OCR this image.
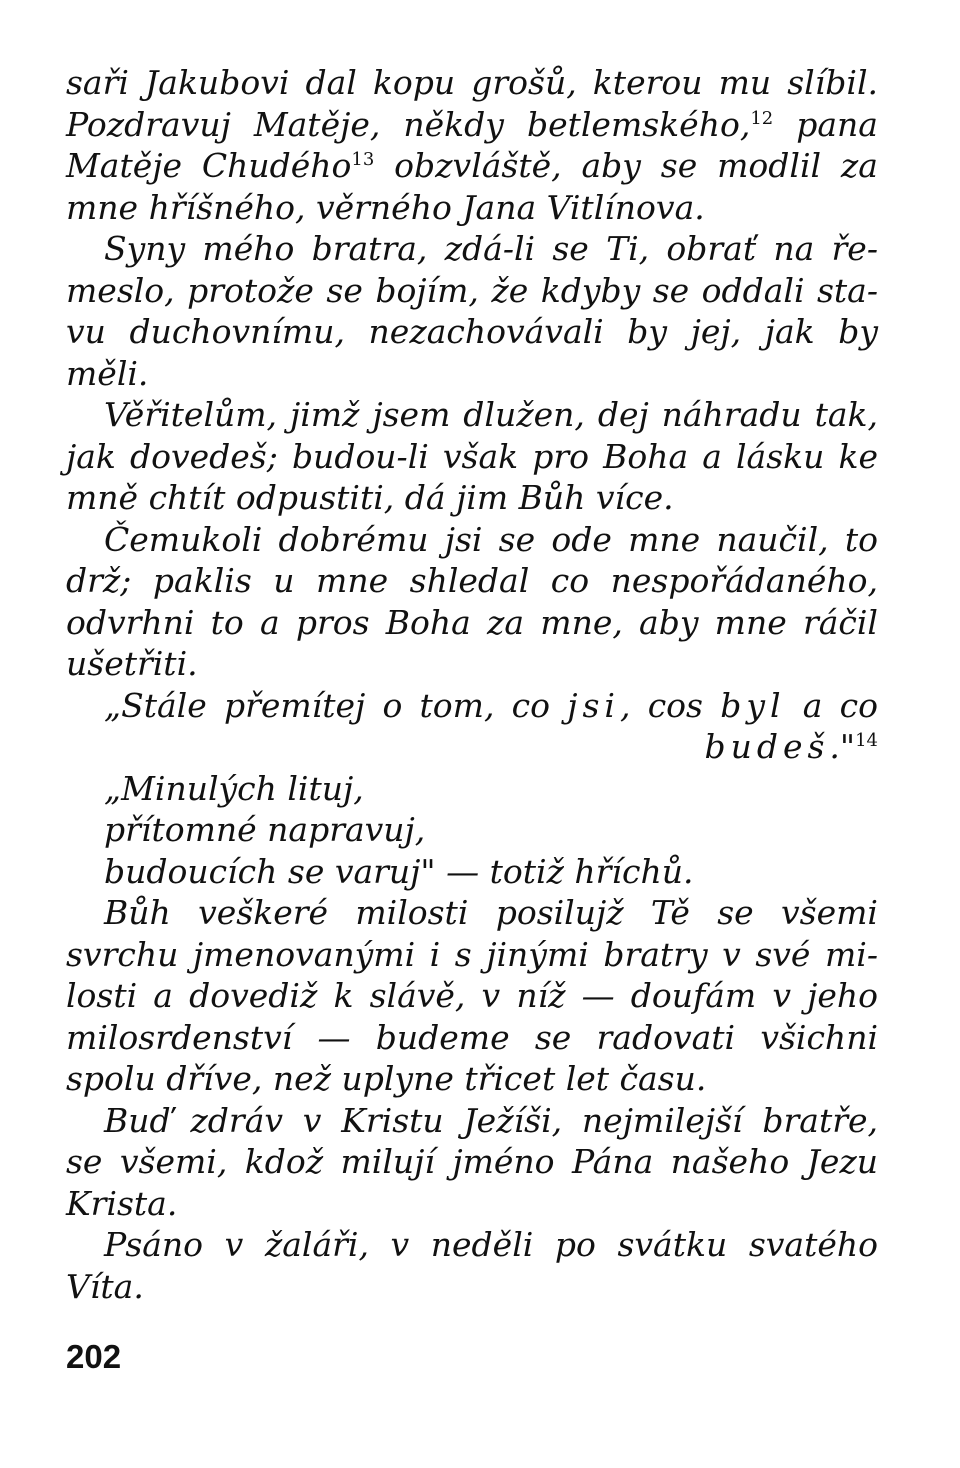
saři Jakubovi dal kopu grošů, kterou mu slíbil.
Pozdravuj Matěje, někdy betlemského,$^{12}$ pana
Matěje Chudého$^{13}$ obzvláště, aby se modlil za
mne hříšného, věrného Jana Vitlínova.
Syny mého bratra, zdá-li se Ti, obrať na ře-
meslo, protože se bojím, že kdyby se oddali sta-
vu duchovnímu, nezachovávali by jej, jak by
měli.
Věřitelům, jimž jsem dlužen, dej náhradu tak,
jak dovedeš; budou-li však pro Boha a lásku ke
mně chtít odpustiti, dá jim Bůh více.
Čemukoli dobrému jsi se ode mne naučil, to
drž; paklis u mne shledal co nespořádaného,
odvrhni to a pros Boha za mne, aby mne ráčil
ušetřiti.
„Stále přemítej o tom, co jsi, cos byl a co
budeš."$^{14}$
„Minulých lituj,
přítomné napravuj,
budoucích se varuj" — totiž hříchů.
Bůh veškeré milosti posilujž Tě se všemi
svrchu jmenovanými i s jinými bratry v své mi-
losti a dovediž k slávě, v níž — doufám v jeho
milosrdenství — budeme se radovati všichni
spolu dříve, než uplyne třicet let času.
Buď zdráv v Kristu Ježíši, nejmilejší bratře,
se všemi, kdož milují jméno Pána našeho Jezu
Krista.
Psáno v žaláři, v neděli po svátku svatého
Víta.
202
